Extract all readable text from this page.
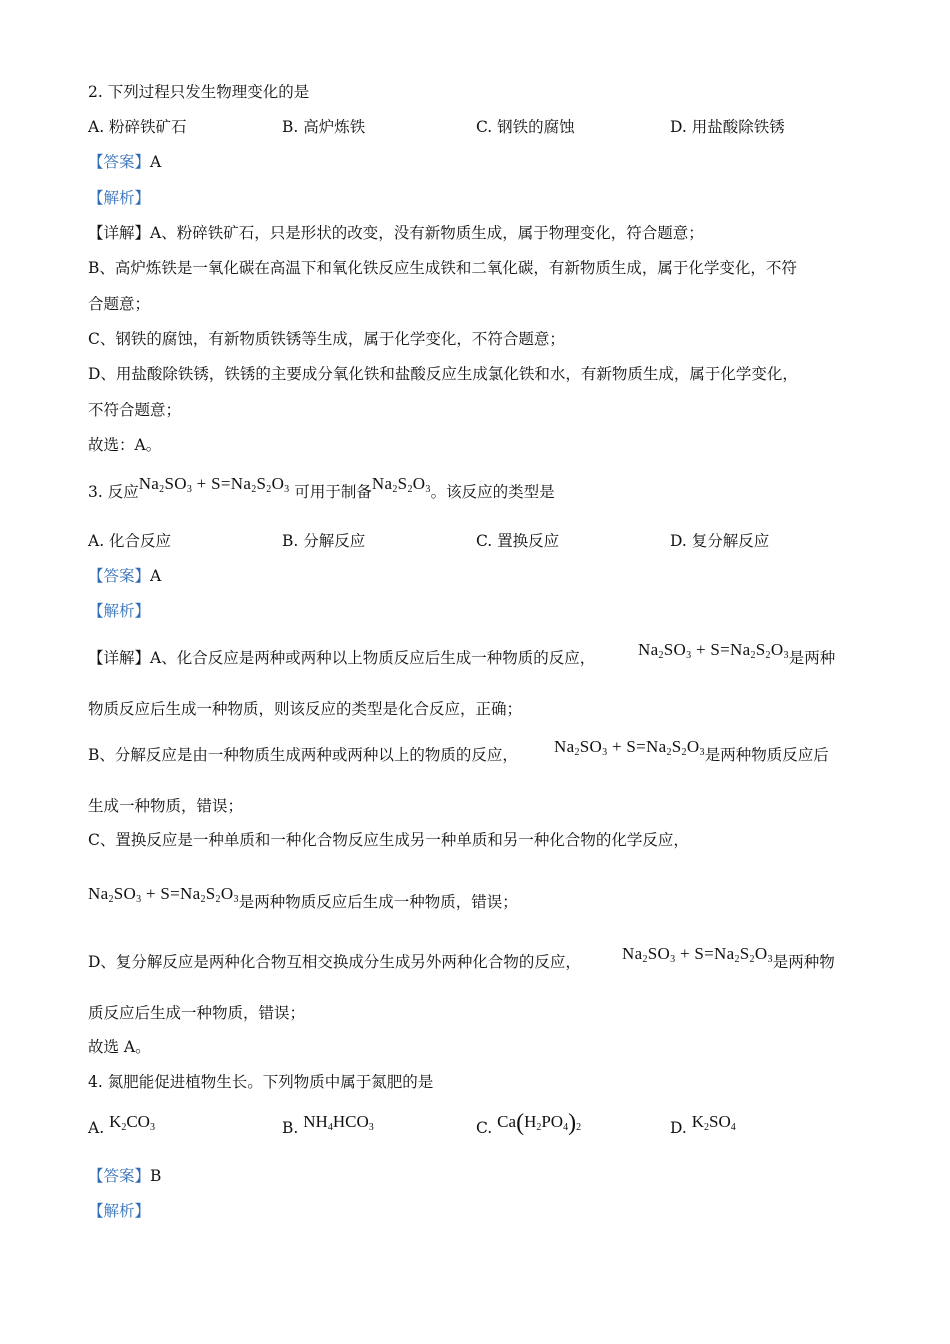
2. 下列过程只发生物理变化的是
A. 粉碎铁矿石	B. 高炉炼铁	C. 钢铁的腐蚀	D. 用盐酸除铁锈
【答案】A
【解析】
【详解】A、粉碎铁矿石，只是形状的改变，没有新物质生成，属于物理变化，符合题意；
B、高炉炼铁是一氧化碳在高温下和氧化铁反应生成铁和二氧化碳，有新物质生成，属于化学变化，不符
合题意；
C、钢铁的腐蚀，有新物质铁锈等生成，属于化学变化，不符合题意；
D、用盐酸除铁锈，铁锈的主要成分氧化铁和盐酸反应生成氯化铁和水，有新物质生成，属于化学变化，
不符合题意；
故选：A。
3. 反应$Na_2SO_3 + S=Na_2S_2O_3$ 可用于制备$Na_2S_2O_3$。该反应的类型是
A. 化合反应	B. 分解反应	C. 置换反应	D. 复分解反应
【答案】A
【解析】
【详解】A、化合反应是两种或两种以上物质反应后生成一种物质的反应，	$Na_2SO_3 + S=Na_2S_2O_3$是两种
物质反应后生成一种物质，则该反应的类型是化合反应，正确；
B、分解反应是由一种物质生成两种或两种以上的物质的反应， $Na_2SO_3 + S=Na_2S_2O_3$是两种物质反应后
生成一种物质，错误；
C、置换反应是一种单质和一种化合物反应生成另一种单质和另一种化合物的化学反应，
$Na_2SO_3 + S=Na_2S_2O_3$是两种物质反应后生成一种物质，错误；
D、复分解反应是两种化合物互相交换成分生成另外两种化合物的反应， $Na_2SO_3 + S=Na_2S_2O_3$是两种物
质反应后生成一种物质，错误；
故选 A。
4. 氮肥能促进植物生长。下列物质中属于氮肥的是
A. $K_2CO_3$	B. $NH_4HCO_3$	C. $Ca(H_2PO_4)_2$	D. $K_2SO_4$
【答案】B
【解析】
